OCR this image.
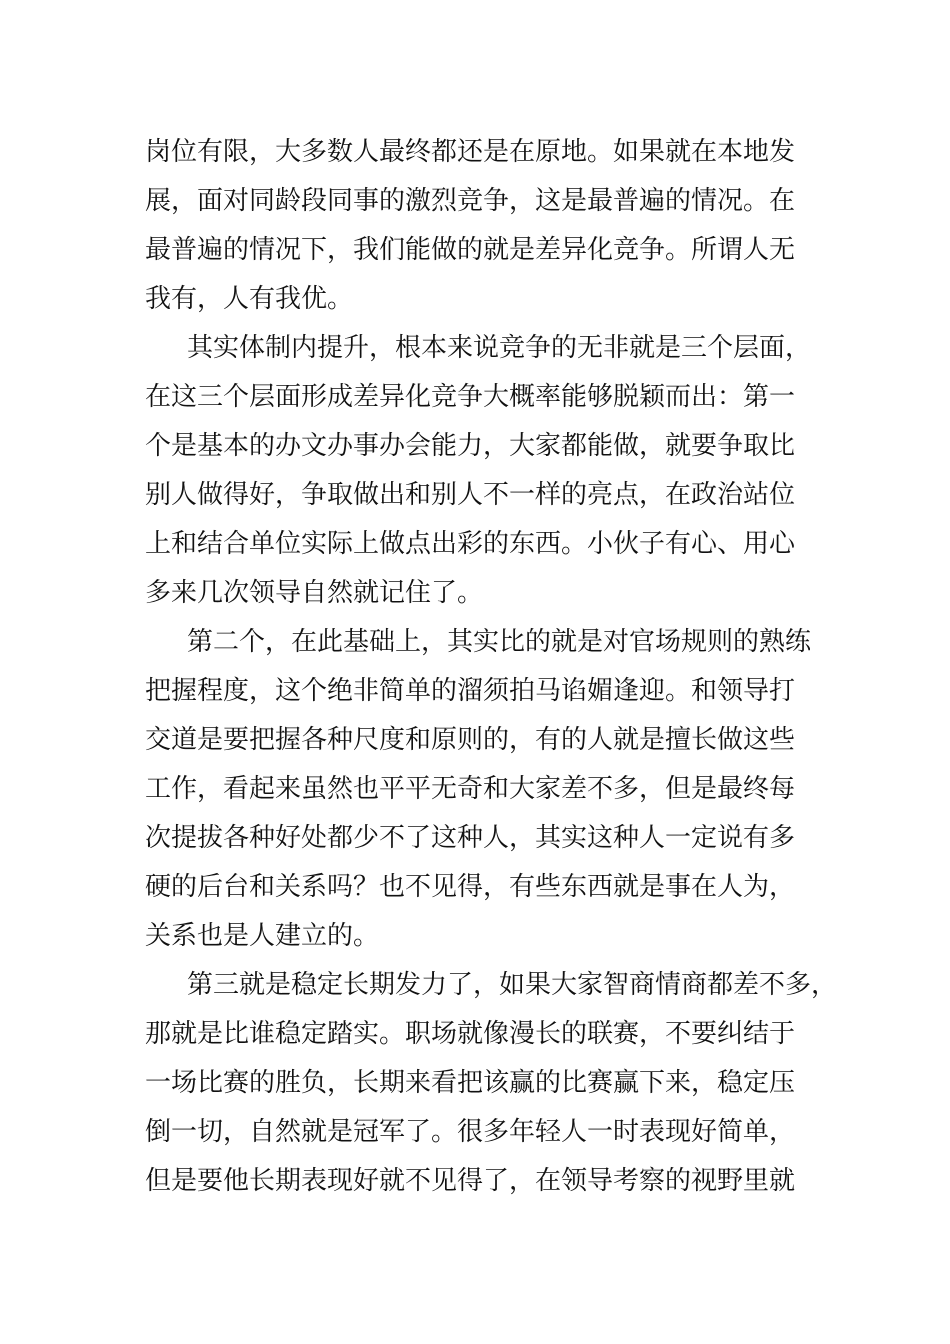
岗位有限，大多数人最终都还是在原地。如果就在本地发
展，面对同龄段同事的激烈竞争，这是最普遍的情况。在
最普遍的情况下，我们能做的就是差异化竞争。所谓人无
我有，人有我优。
其实体制内提升，根本来说竞争的无非就是三个层面，
在这三个层面形成差异化竞争大概率能够脱颖而出：第一
个是基本的办文办事办会能力，大家都能做，就要争取比
别人做得好，争取做出和别人不一样的亮点，在政治站位
上和结合单位实际上做点出彩的东西。小伙子有心、用心
多来几次领导自然就记住了。
第二个，在此基础上，其实比的就是对官场规则的熟练
把握程度，这个绝非简单的溜须拍马谄媚逢迎。和领导打
交道是要把握各种尺度和原则的，有的人就是擅长做这些
工作，看起来虽然也平平无奇和大家差不多，但是最终每
次提拔各种好处都少不了这种人，其实这种人一定说有多
硬的后台和关系吗？也不见得，有些东西就是事在人为，
关系也是人建立的。
第三就是稳定长期发力了，如果大家智商情商都差不多，
那就是比谁稳定踏实。职场就像漫长的联赛，不要纠结于
一场比赛的胜负，长期来看把该赢的比赛赢下来，稳定压
倒一切，自然就是冠军了。很多年轻人一时表现好简单，
但是要他长期表现好就不见得了，在领导考察的视野里就
